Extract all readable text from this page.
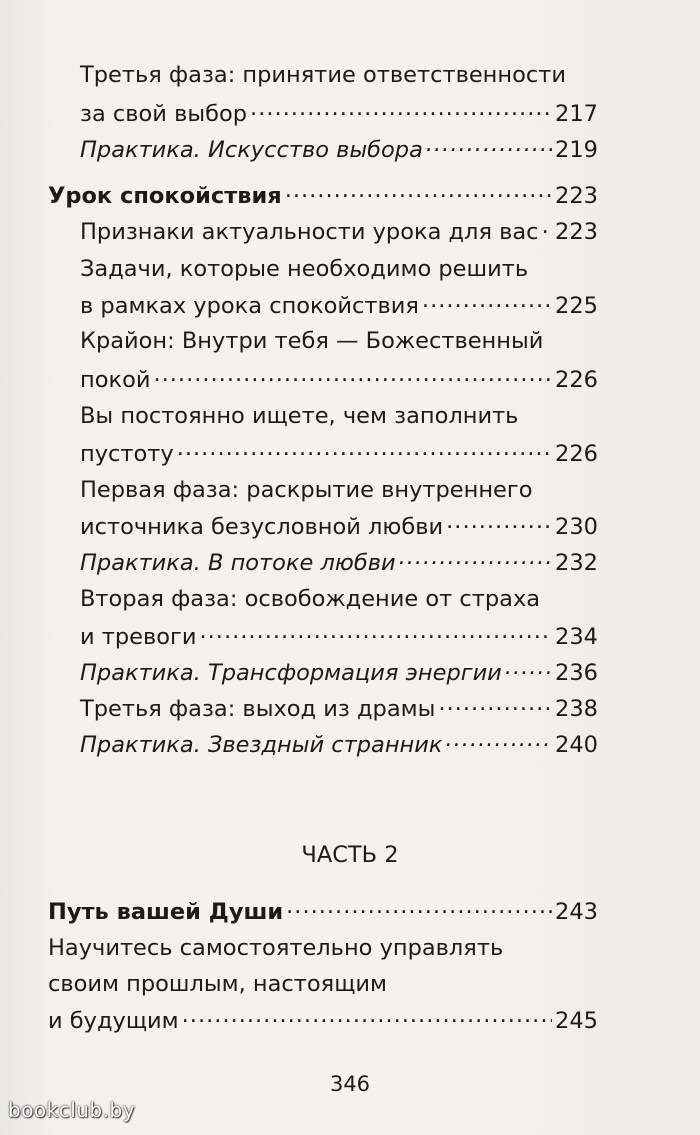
Третья фаза: принятие ответственности
за свой выбор .....	217
Практика. Искусство выбора .....	219
Урок спокойствия .....	223
Признаки актуальности урока для вас ..... 223
Задачи, которые необходимо решить
в рамках урока спокойствия .....	225
Крайон: Внутри тебя — Божественный
покой .....	226
Вы постоянно ищете, чем заполнить
пустоту .....	226
Первая фаза: раскрытие внутреннего
источника безусловной любви .....	230
Практика. В потоке любви .....	232
Вторая фаза: освобождение от страха
и тревоги .....	234
Практика. Трансформация энергии ..... 236
Третья фаза: выход из драмы .....	238
Практика. Звездный странник .....	240
ЧАСТЬ 2
Путь вашей Души .....	243
Научитесь самостоятельно управлять
своим прошлым, настоящим
и будущим .....	245
346
bookclub.by
